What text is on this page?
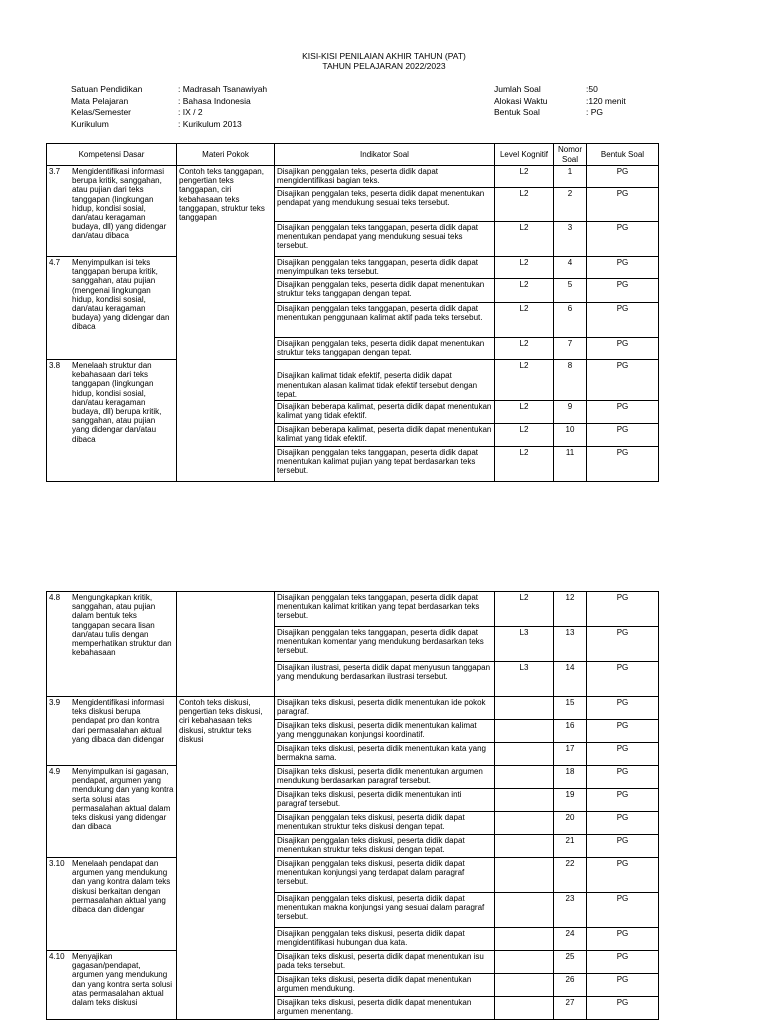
KISI-KISI PENILAIAN AKHIR TAHUN (PAT)
TAHUN PELAJARAN 2022/2023
Satuan Pendidikan	: Madrasah Tsanawiyah
Mata Pelajaran	: Bahasa Indonesia
Kelas/Semester	: IX / 2
Kurikulum	: Kurikulum 2013
Jumlah Soal	:50
Alokasi Waktu	:120 menit
Bentuk Soal	: PG
Kompetensi Dasar	Materi Pokok	Indikator Soal	Level Kognitif	Nomor Soal	Bentuk Soal

3.7 Mengidentifikasi informasi berupa kritik, sanggahan, atau pujian dari teks tanggapan (lingkungan hidup, kondisi sosial, dan/atau keragaman budaya, dll) yang didengar dan/atau dibaca	Contoh teks tanggapan, pengertian teks tanggapan, ciri kebahasaan teks tanggapan, struktur teks tanggapan	Disajikan penggalan teks, peserta didik dapat mengidentifikasi bagian teks.	L2	1	PG
		Disajikan penggalan teks, peserta didik dapat menentukan pendapat yang mendukung sesuai teks tersebut.	L2	2	PG
		Disajikan penggalan teks tanggapan, peserta didik dapat menentukan pendapat yang mendukung sesuai teks tersebut.	L2	3	PG

4.7 Menyimpulkan isi teks tanggapan berupa kritik, sanggahan, atau pujian (mengenai lingkungan hidup, kondisi sosial, dan/atau keragaman budaya) yang didengar dan dibaca		Disajikan penggalan teks tanggapan, peserta didik dapat menyimpulkan teks tersebut.	L2	4	PG
		Disajikan penggalan teks, peserta didik dapat menentukan struktur teks tanggapan dengan tepat.	L2	5	PG
		Disajikan penggalan teks tanggapan, peserta didik dapat menentukan penggunaan kalimat aktif pada teks tersebut.	L2	6	PG
		Disajikan penggalan teks, peserta didik dapat menentukan struktur teks tanggapan dengan tepat.	L2	7	PG

3.8 Menelaah struktur dan kebahasaan dari teks tanggapan (lingkungan hidup, kondisi sosial, dan/atau keragaman budaya, dll) berupa kritik, sanggahan, atau pujian yang didengar dan/atau dibaca		Disajikan kalimat tidak efektif, peserta didik dapat menentukan alasan kalimat tidak efektif tersebut dengan tepat.	L2	8	PG
		Disajikan beberapa kalimat, peserta didik dapat menentukan kalimat yang tidak efektif.	L2	9	PG
		Disajikan beberapa kalimat, peserta didik dapat menentukan kalimat yang tidak efektif.	L2	10	PG
		Disajikan penggalan teks tanggapan, peserta didik dapat menentukan kalimat pujian yang tepat berdasarkan teks tersebut.	L2	11	PG
4.8 Mengungkapkan kritik, sanggahan, atau pujian dalam bentuk teks tanggapan secara lisan dan/atau tulis dengan memperhatikan struktur dan kebahasaan		Disajikan penggalan teks tanggapan, peserta didik dapat menentukan kalimat kritikan yang tepat berdasarkan teks tersebut.	L2	12	PG
		Disajikan penggalan teks tanggapan, peserta didik dapat menentukan komentar yang mendukung berdasarkan teks tersebut.	L3	13	PG
		Disajikan ilustrasi, peserta didik dapat menyusun tanggapan yang mendukung berdasarkan ilustrasi tersebut.	L3	14	PG

3.9 Mengidentifikasi informasi teks diskusi berupa pendapat pro dan kontra dari permasalahan aktual yang dibaca dan didengar	Contoh teks diskusi, pengertian teks diskusi, ciri kebahasaan teks diskusi, struktur teks diskusi	Disajikan teks diskusi, peserta didik menentukan ide pokok paragraf.		15	PG
		Disajikan teks diskusi, peserta didik menentukan kalimat yang menggunakan konjungsi koordinatif.		16	PG
		Disajikan teks diskusi, peserta didik menentukan kata yang bermakna sama.		17	PG

4.9 Menyimpulkan isi gagasan, pendapat, argumen yang mendukung dan yang kontra serta solusi atas permasalahan aktual dalam teks diskusi yang didengar dan dibaca		Disajikan teks diskusi, peserta didik menentukan argumen mendukung berdasarkan paragraf tersebut.		18	PG
		Disajikan teks diskusi, peserta didik menentukan inti paragraf tersebut.		19	PG
		Disajikan penggalan teks diskusi, peserta didik dapat menentukan struktur teks diskusi dengan tepat.		20	PG
		Disajikan penggalan teks diskusi, peserta didik dapat menentukan struktur teks diskusi dengan tepat.		21	PG

3.10 Menelaah pendapat dan argumen yang mendukung dan yang kontra dalam teks diskusi berkaitan dengan permasalahan aktual yang dibaca dan didengar		Disajikan penggalan teks diskusi, peserta didik dapat menentukan konjungsi yang terdapat dalam paragraf tersebut.		22	PG
		Disajikan penggalan teks diskusi, peserta didik dapat menentukan makna konjungsi yang sesuai dalam paragraf tersebut.		23	PG
		Disajikan penggalan teks diskusi, peserta didik dapat mengidentifikasi hubungan dua kata.		24	PG

4.10 Menyajikan gagasan/pendapat, argumen yang mendukung dan yang kontra serta solusi atas permasalahan aktual dalam teks diskusi		Disajikan teks diskusi, peserta didik dapat menentukan isu pada teks tersebut.		25	PG
		Disajikan teks diskusi, peserta didik dapat menentukan argumen mendukung.		26	PG
		Disajikan teks diskusi, peserta didik dapat menentukan argumen menentang.		27	PG
